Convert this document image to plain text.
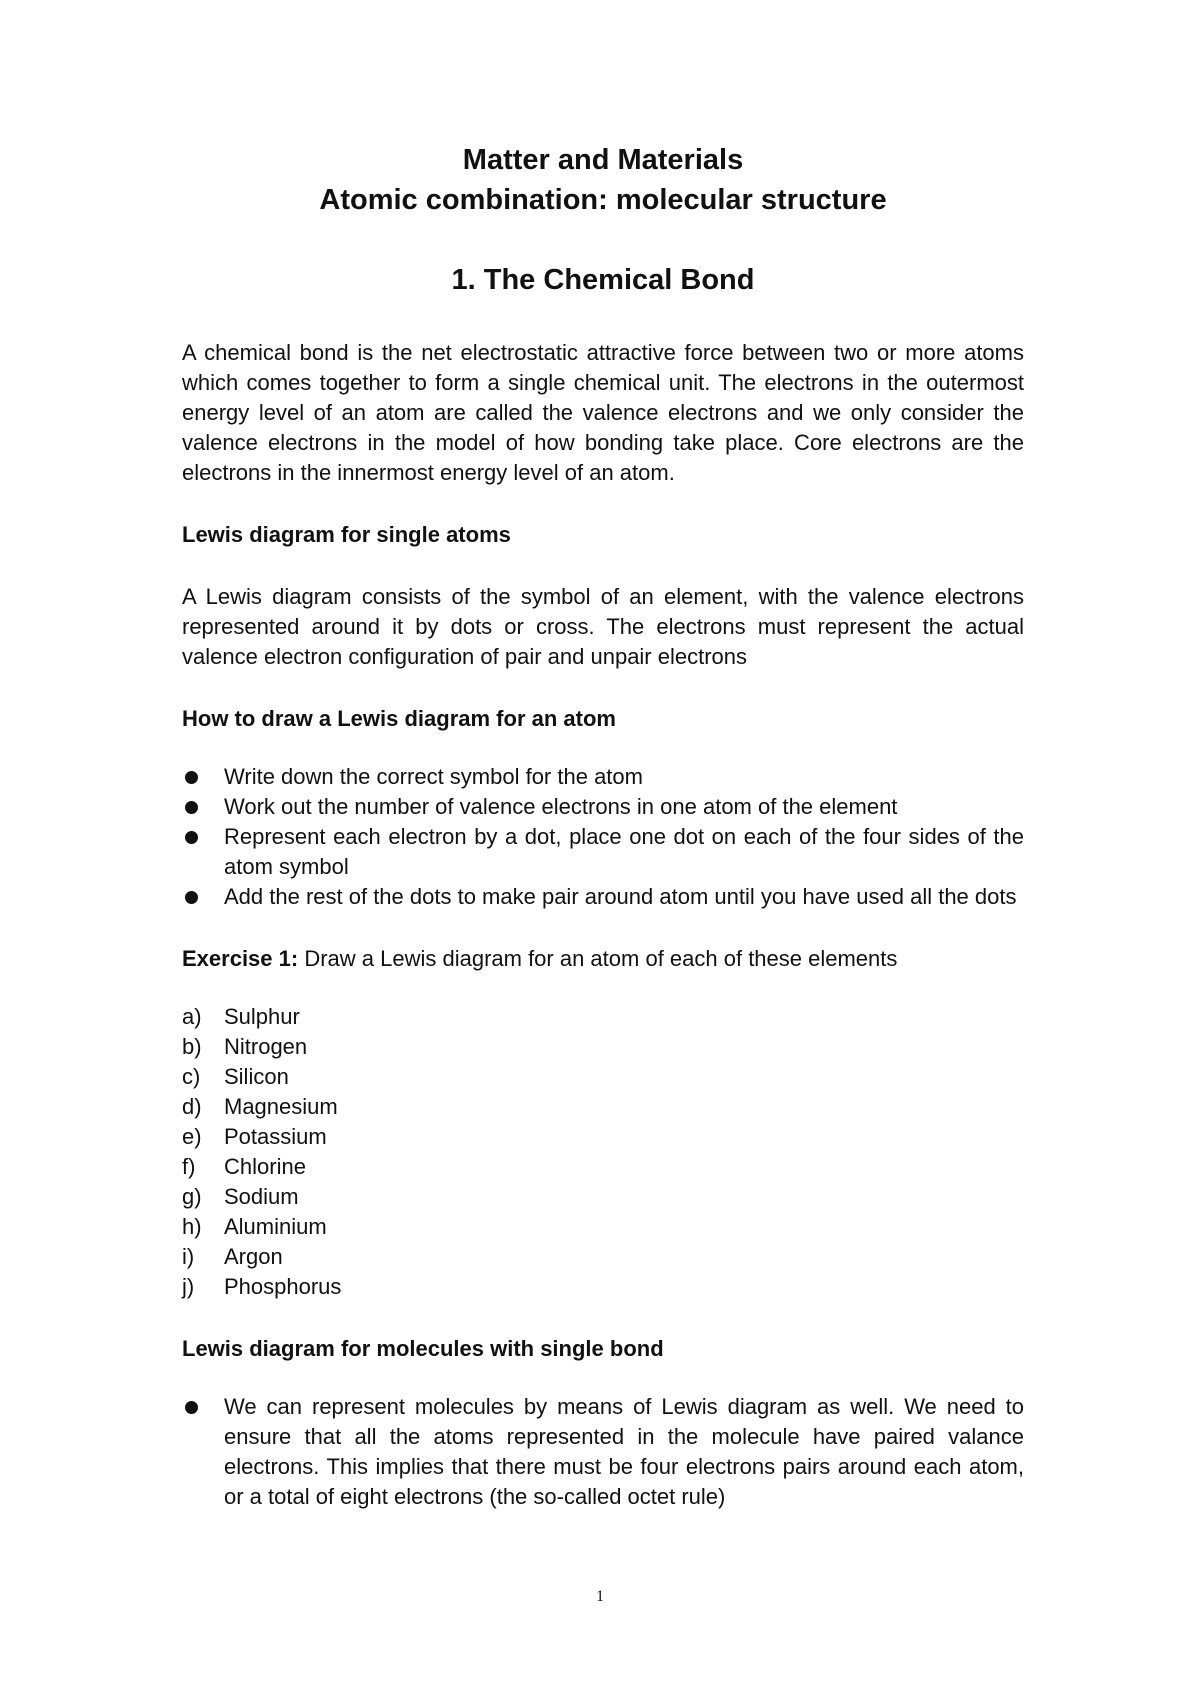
Matter and Materials
Atomic combination: molecular structure
1. The Chemical Bond

A chemical bond is the net electrostatic attractive force between two or more atoms which comes together to form a single chemical unit. The electrons in the outermost energy level of an atom are called the valence electrons and we only consider the valence electrons in the model of how bonding take place. Core electrons are the electrons in the innermost energy level of an atom.

Lewis diagram for single atoms

A Lewis diagram consists of the symbol of an element, with the valence electrons represented around it by dots or cross. The electrons must represent the actual valence electron configuration of pair and unpair electrons

How to draw a Lewis diagram for an atom
Write down the correct symbol for the atom
Work out the number of valence electrons in one atom of the element
Represent each electron by a dot, place one dot on each of the four sides of the atom symbol
Add the rest of the dots to make pair around atom until you have used all the dots

Exercise 1: Draw a Lewis diagram for an atom of each of these elements

a)	Sulphur
b)	Nitrogen
c)	Silicon
d)	Magnesium
e)	Potassium
f)	Chlorine
g)	Sodium
h)	Aluminium
i)	Argon
j)	Phosphorus
Lewis diagram for molecules with single bond
We can represent molecules by means of Lewis diagram as well. We need to ensure that all the atoms represented in the molecule have paired valance electrons. This implies that there must be four electrons pairs around each atom, or a total of eight electrons (the so-called octet rule)
1
